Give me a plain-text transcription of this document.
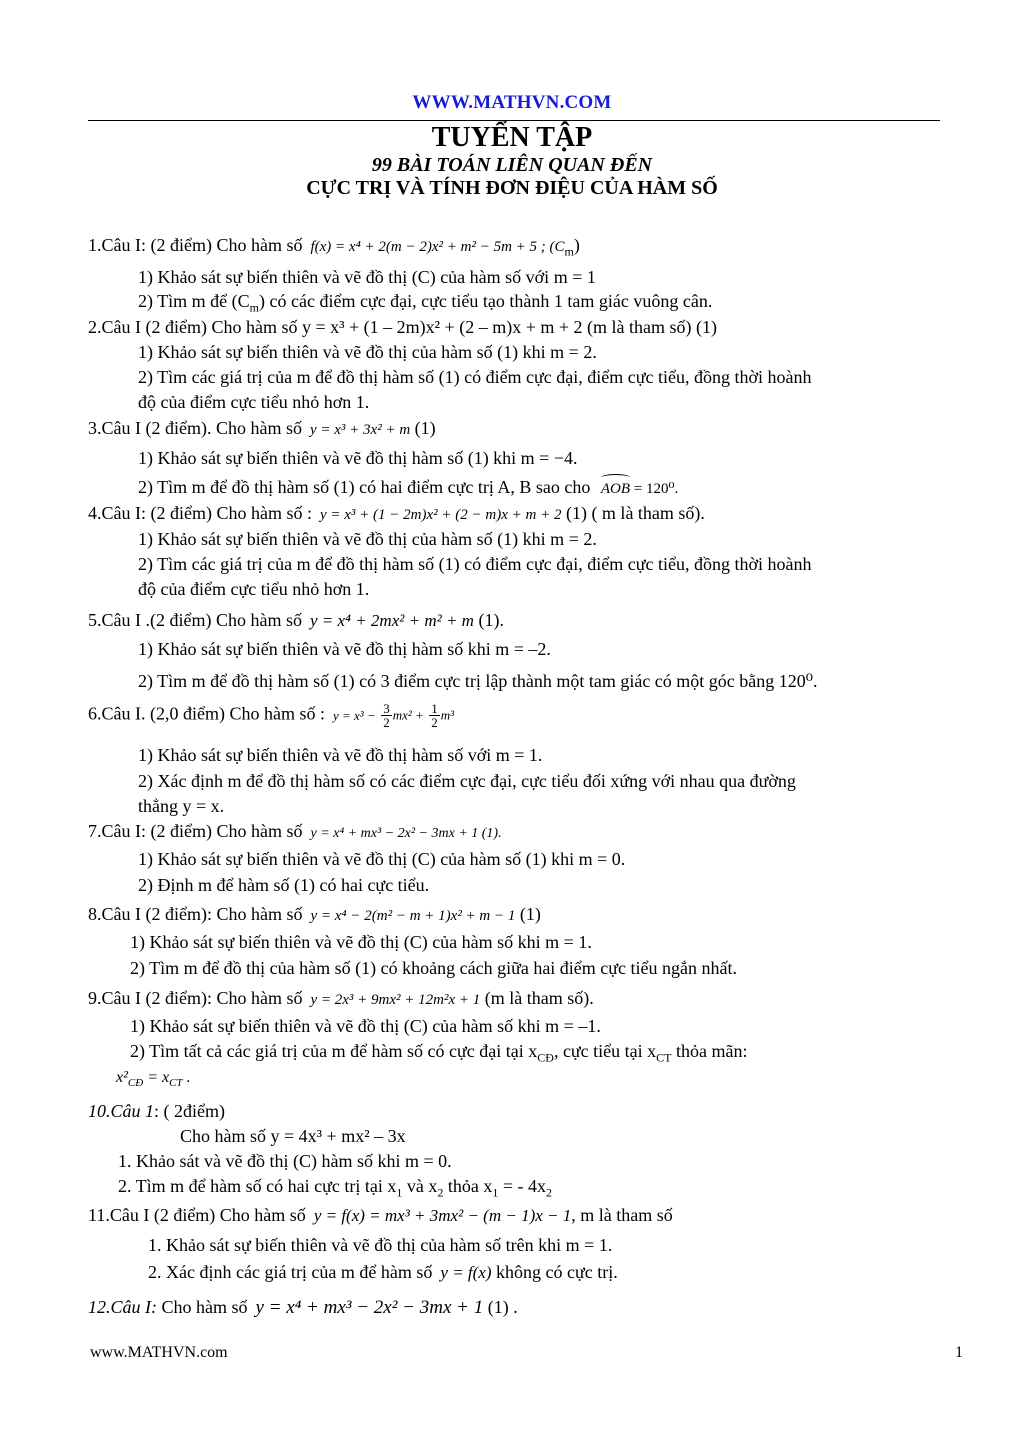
WWW.MATHVN.COM
TUYỂN TẬP
99 BÀI TOÁN LIÊN QUAN ĐẾN
CỰC TRỊ VÀ TÍNH ĐƠN ĐIỆU CỦA HÀM SỐ
1.Câu I: (2 điểm) Cho hàm số f(x) = x⁴ + 2(m − 2)x² + m² − 5m + 5 ; $(C_m)$
1) Khảo sát sự biến thiên và vẽ đồ thị (C) của hàm số với m = 1
2) Tìm m để $(C_m)$ có các điểm cực đại, cực tiểu tạo thành 1 tam giác vuông cân.
2.Câu I (2 điểm) Cho hàm số y = x³ + (1 – 2m)x² + (2 – m)x + m + 2 (m là tham số) (1)
1) Khảo sát sự biến thiên và vẽ đồ thị của hàm số (1) khi m = 2.
2) Tìm các giá trị của m để đồ thị hàm số (1) có điểm cực đại, điểm cực tiểu, đồng thời hoành
độ của điểm cực tiểu nhỏ hơn 1.
3.Câu I (2 điểm). Cho hàm số y = x³ + 3x² + m (1)
1) Khảo sát sự biến thiên và vẽ đồ thị hàm số (1) khi m = −4.
2) Tìm m để đồ thị hàm số (1) có hai điểm cực trị A, B sao cho AOB = 120⁰.
4.Câu I: (2 điểm) Cho hàm số : y = x³ + (1 − 2m)x² + (2 − m)x + m + 2 (1) ( m là tham số).
1) Khảo sát sự biến thiên và vẽ đồ thị của hàm số (1) khi m = 2.
2) Tìm các giá trị của m để đồ thị hàm số (1) có điểm cực đại, điểm cực tiểu, đồng thời hoành
độ của điểm cực tiểu nhỏ hơn 1.
5.Câu I .(2 điểm) Cho hàm số y = x⁴ + 2mx² + m² + m (1).
1) Khảo sát sự biến thiên và vẽ đồ thị hàm số khi m = –2.
2) Tìm m để đồ thị hàm số (1) có 3 điểm cực trị lập thành một tam giác có một góc bằng 120⁰.
6.Câu I. (2,0 điểm) Cho hàm số : $y = x^3 - \frac{3}{2} mx^2 + \frac{1}{2} m^3$
1) Khảo sát sự biến thiên và vẽ đồ thị hàm số với m = 1.
2) Xác định m để đồ thị hàm số có các điểm cực đại, cực tiểu đối xứng với nhau qua đường
thẳng y = x.
7.Câu I: (2 điểm) Cho hàm số y = x⁴ + mx³ − 2x² − 3mx + 1 (1).
1) Khảo sát sự biến thiên và vẽ đồ thị (C) của hàm số (1) khi m = 0.
2) Định m để hàm số (1) có hai cực tiểu.
8.Câu I (2 điểm): Cho hàm số y = x⁴ − 2(m² − m + 1)x² + m − 1 (1)
1) Khảo sát sự biến thiên và vẽ đồ thị (C) của hàm số khi m = 1.
2) Tìm m để đồ thị của hàm số (1) có khoảng cách giữa hai điểm cực tiểu ngắn nhất.
9.Câu I (2 điểm): Cho hàm số y = 2x³ + 9mx² + 12m²x + 1 (m là tham số).
1) Khảo sát sự biến thiên và vẽ đồ thị (C) của hàm số khi m = –1.
2) Tìm tất cả các giá trị của m để hàm số có cực đại tại $x_{CĐ}$, cực tiểu tại $x_{CT}$ thỏa mãn:
$x^2_{CĐ} = x_{CT}$ .
10.Câu 1: ( 2điểm)
Cho hàm số y = 4x³ + mx² – 3x
1. Khảo sát và vẽ đồ thị (C) hàm số khi m = 0.
2. Tìm m để hàm số có hai cực trị tại $x_1$ và $x_2$ thỏa $x_1$ = - $4x_2$
11.Câu I (2 điểm) Cho hàm số y = f(x) = mx³ + 3mx² − (m − 1)x − 1, m là tham số
1. Khảo sát sự biến thiên và vẽ đồ thị của hàm số trên khi m = 1.
2. Xác định các giá trị của m để hàm số y = f(x) không có cực trị.
12.Câu I: Cho hàm số y = x⁴ + mx³ − 2x² − 3mx + 1 (1) .
www.MATHVN.com	1
